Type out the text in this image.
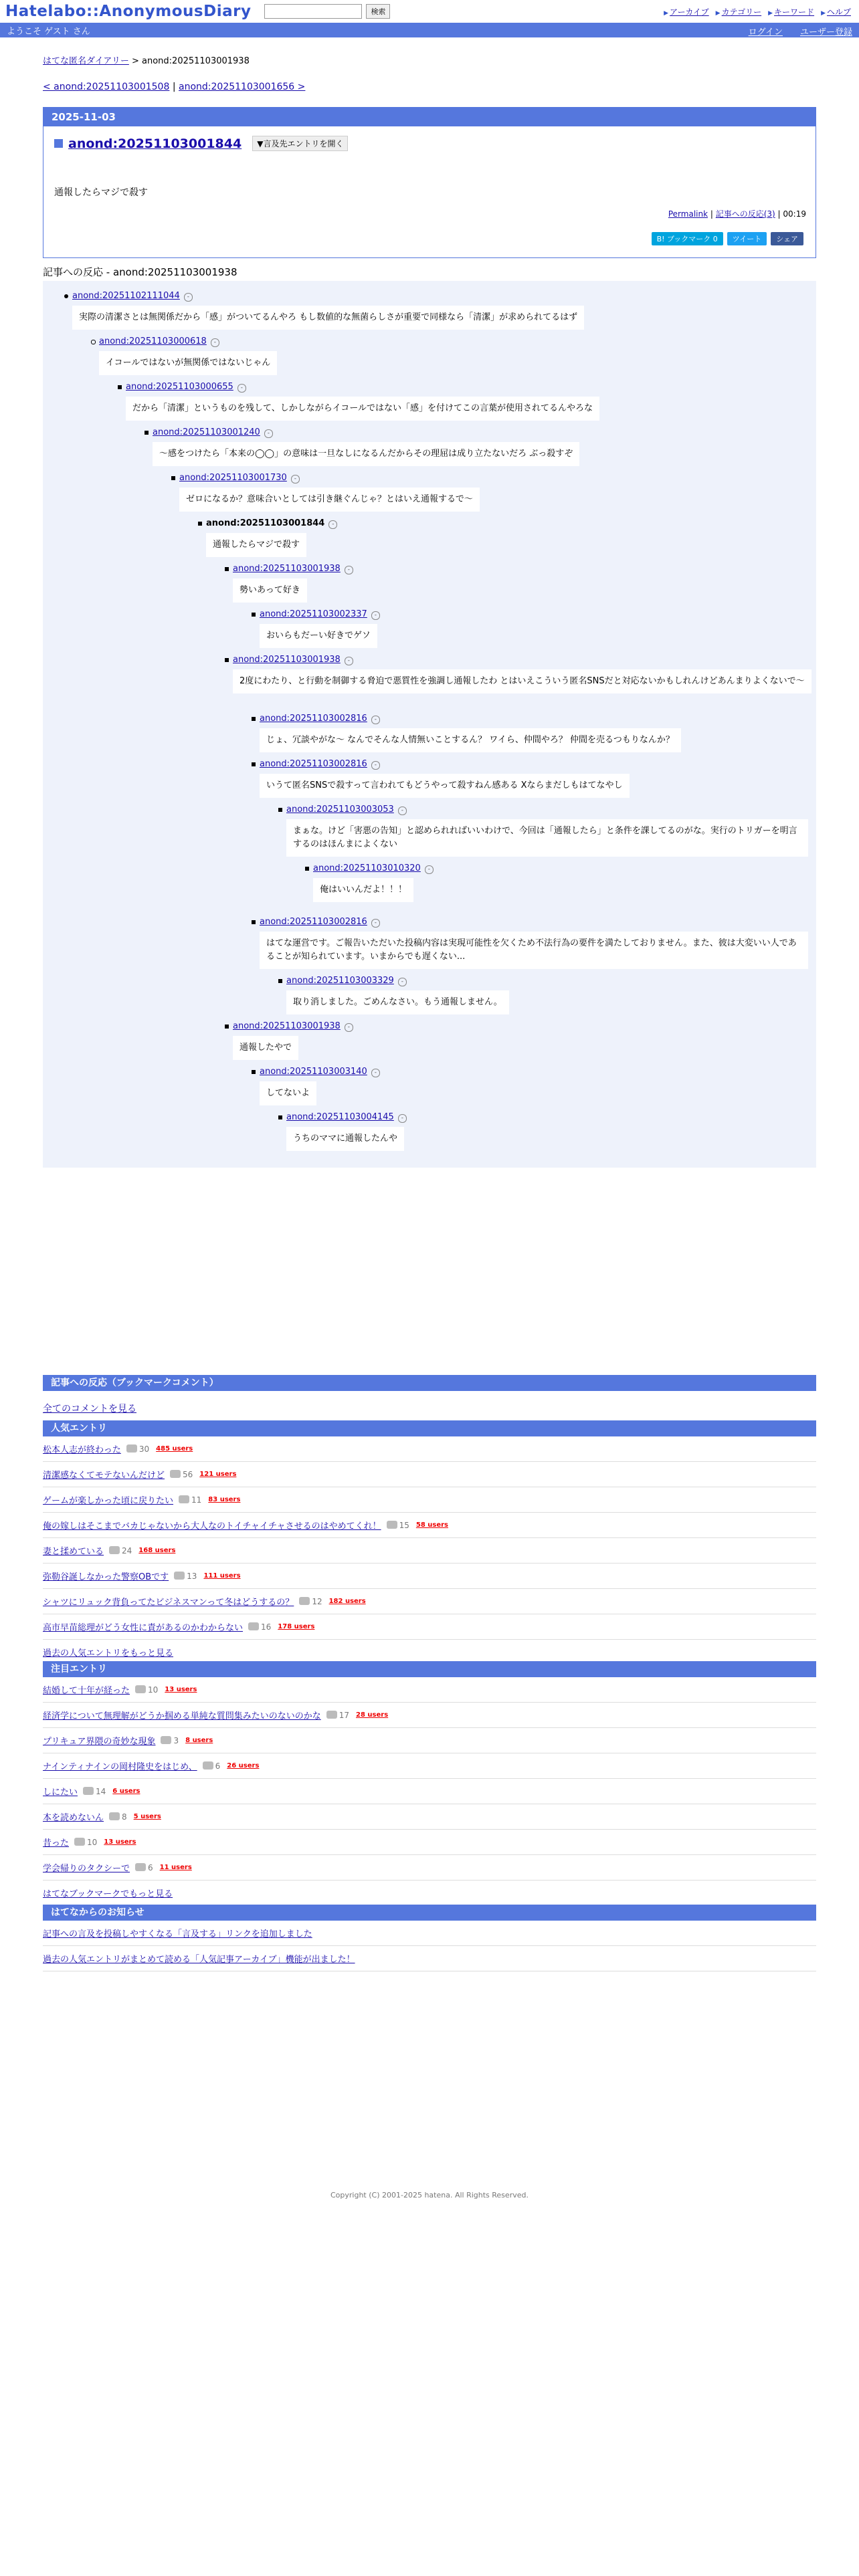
Hatelabo::AnonymousDiary	検索	▶ アーカイブ ▶ カテゴリー ▶ キーワード ▶ ヘルプ
ようこそ ゲスト さん	ログイン ユーザー登録
はてな匿名ダイアリー > anond:20251103001938
< anond:20251103001508 | anond:20251103001656 >
2025-11-03
anond:20251103001844	▼言及先エントリを開く
通報したらマジで殺す
Permalink | 記事への反応(3) | 00:19
B! ブックマーク 0	ツイート	シェア
記事への反応 - anond:20251103001938
anond:20251102111044 -
実際の清潔さとは無関係だから「感」がついてるんやろ もし数値的な無菌らしさが重要で同様なら「清潔」が求められてるはず
anond:20251103000618 -
イコールではないが無関係ではないじゃん
anond:20251103000655 -
だから「清潔」というものを残して、しかしながらイコールではない「感」を付けてこの言葉が使用されてるんやろな
anond:20251103001240 -
〜感をつけたら「本来の◯◯」の意味は一旦なしになるんだからその理屈は成り立たないだろ ぶっ殺すぞ
anond:20251103001730 -
ゼロになるか？意味合いとしては引き継ぐんじゃ？とはいえ通報するで〜
anond:20251103001844 -
通報したらマジで殺す
anond:20251103001938 -
勢いあって好き
anond:20251103002337 -
おいらもだーい好きでゲソ
anond:20251103001938 -
2度にわたり、と行動を制御する脅迫で悪質性を強調し通報したわ とはいえこういう匿名SNSだと対応ないかもしれんけどあんまりよくないで〜
anond:20251103002816 -
じょ、冗談やがな〜 なんでそんな人情無いことするん？ ワイら、仲間やろ？ 仲間を売るつもりなんか？
anond:20251103002816 -
いうて匿名SNSで殺すって言われてもどうやって殺すねん感ある Xならまだしもはてなやし
anond:20251103003053 -
まぁな。けど「害悪の告知」と認められればいいわけで、今回は「通報したら」と条件を課してるのがな。実行のトリガーを明言するのはほんまによくない
anond:20251103010320 -
俺はいいんだよ！！！
anond:20251103002816 -
はてな運営です。ご報告いただいた投稿内容は実現可能性を欠くため不法行為の要件を満たしておりません。また、彼は大変いい人であることが知られています。いまからでも遅くない...
anond:20251103003329 -
取り消しました。ごめんなさい。もう通報しません。
anond:20251103001938 -
通報したやで
anond:20251103003140 -
してないよ
anond:20251103004145 -
うちのママに通報したんや
記事への反応（ブックマークコメント）
全てのコメントを見る
人気エントリ
松本人志が終わった	30 485 users
清潔感なくてモテないんだけど	56 121 users
ゲームが楽しかった頃に戻りたい	11 83 users
俺の嫁しはそこまでバカじゃないから大人なのトイチャイチャさせるのはやめてくれ！	15 58 users
妻と揉めている	24 168 users
弥勒谷誕しなかった警察OBです	13 111 users
シャツにリュック背負ってたビジネスマンって冬はどうするの？	12 182 users
高市早苗総理がどう女性に責があるのかわからない	16 178 users
過去の人気エントリをもっと見る
注目エントリ
結婚して十年が経った	10 13 users
経済学について無理解がどうか掴める単純な質問集みたいのないのかな	17 28 users
プリキュア界隈の奇妙な現象	3 8 users
ナインティナインの岡村隆史をはじめ、	6 26 users
しにたい	14 6 users
本を読めないん	8 5 users
昔った	10 13 users
学会帰りのタクシーで	6 11 users
はてなブックマークでもっと見る
はてなからのお知らせ
記事への言及を投稿しやすくなる「言及する」リンクを追加しました
過去の人気エントリがまとめて読める「人気記事アーカイブ」機能が出ました！
Copyright (C) 2001-2025 hatena. All Rights Reserved.
